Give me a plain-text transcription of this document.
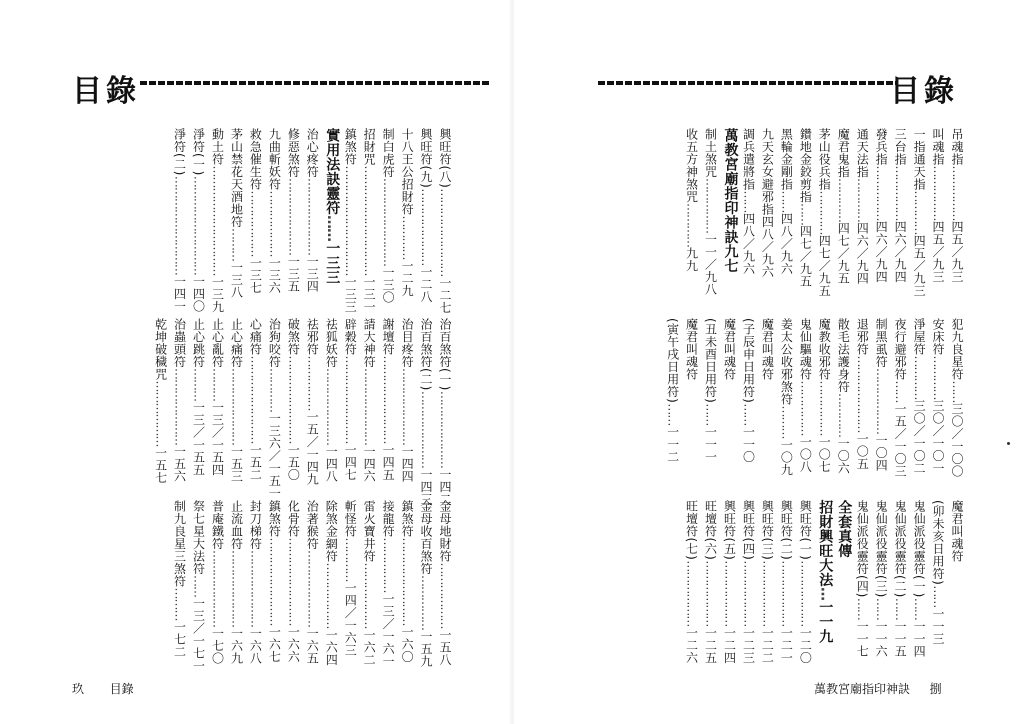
目錄
興旺符(八)……………………一二七
興旺符(九)…………………一二八
十八王公招財符…………一二九
制白虎符……………………一三〇
招財咒…………………………一三一
鎮煞符…………………………一三三
實用法訣靈符……一三三
治心疼符…………………一三四
修惡煞符…………………一三五
九曲斬妖符………………一三六
救急催生符………………一三七
茅山禁花天酒地符………一三八
動土符…………………………一三九
淨符(一)………………………一四〇
淨符(二)………………………一四一
治百煞符(一)…………………一四二
治百煞符(二)…………………一四三
治目疼符…………………一四四
謝壇符……………………一四五
請大神符…………………一四六
辟穀符……………………一四七
祛狐妖符…………………一四八
祛邪符……………一五／一四九
破煞符……………………一五〇
治狗咬符…………一三六／一五一
心痛符……………………一五二
止心痛符…………………一五三
止心亂符………一三／一五四
止心跳符………一三／一五五
治蟲頭符…………………一五六
乾坤破穢咒………………一五七
金母地財符………………一五八
金母收百煞符……………一五九
鎮煞符……………………一六〇
接龍符……………一三／一六一
雷火寶井符………………一六二
斬怪符…………一四／一六三
除煞金網符………………一六四
治著猴符…………………一六五
化骨符……………………一六六
鎮煞符……………………一六七
封刀梯符…………………一六八
止流血符…………………一六九
普庵鐵符…………………一七〇
祭七星大法符……一三／一七一
制九良星三煞符………一七二
玖 目錄
目錄
吊魂指……………四五／九三
叫魂指……………四五／九三
一指通天指…………四五／九三
三台指……………四六／九四
發兵指……………四六／九四
通天法指…………四六／九四
魔君鬼指…………四七／九五
茅山役兵指…………四七／九五
鑽地金鉸剪指……四七／九五
黑輪金剛指……四八／九六
九天玄女避邪指四八／九六
調兵遣將指……四八／九六
萬教宮廟指印神訣九七
制土煞咒……………一一／九八
收五方神煞咒…………九九
犯九良星符……三〇／一〇〇
安床符…………三〇／一〇一
淨屋符…………三〇／一〇二
夜行避邪符……一五／一〇三
制黑虱符………………一〇四
退邪符…………………一〇五
散毛法護身符…………一〇六
魔教收邪符……………一〇七
鬼仙驅魂符……………一〇八
姜太公收邪煞符………一〇九
魔君叫魂符
(子辰申日用符)……一一〇
魔君叫魂符
(丑未酉日用符)……一一一
魔君叫魂符
(寅午戌日用符)……一一二
魔君叫魂符
(卯未亥日用符)……一一三
鬼仙派役靈符(一)……一一四
鬼仙派役靈符(二)……一一五
鬼仙派役靈符(三)……一一六
鬼仙派役靈符(四)……一一七
全套真傳
招財興旺大法…一一九
興旺符(一)………………一二〇
興旺符(二)………………一二一
興旺符(三)………………一二二
興旺符(四)………………一二三
興旺符(五)………………一二四
旺壇符(六)………………一二五
旺壇符(七)………………一二六
萬教宮廟指印神訣 捌
